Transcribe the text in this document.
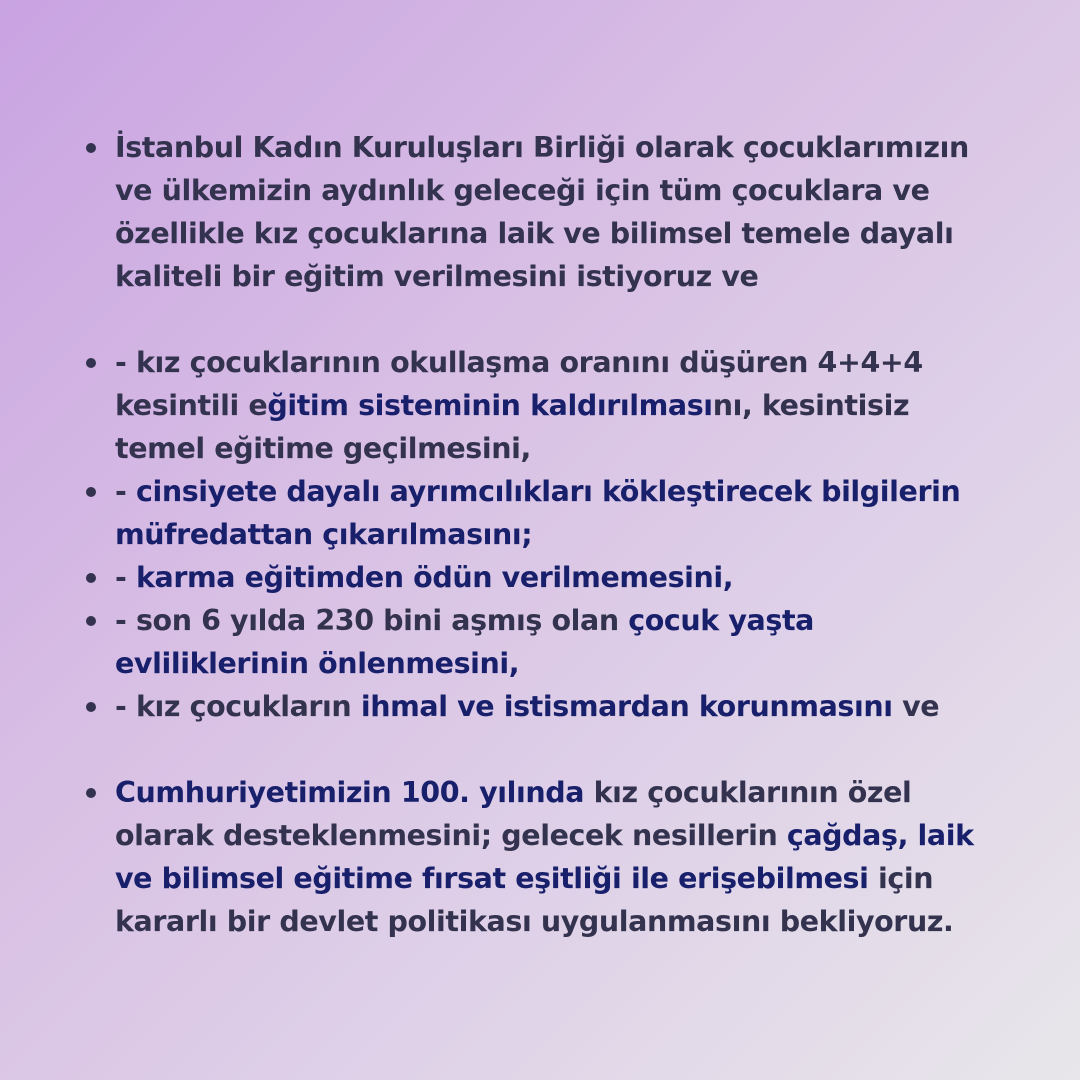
İstanbul Kadın Kuruluşları Birliği olarak çocuklarımızın
ve ülkemizin aydınlık geleceği için tüm çocuklara ve
özellikle kız çocuklarına laik ve bilimsel temele dayalı
kaliteli bir eğitim verilmesini istiyoruz ve
- kız çocuklarının okullaşma oranını düşüren 4+4+4
kesintili eğitim sisteminin kaldırılmasını, kesintisiz
temel eğitime geçilmesini,
- cinsiyete dayalı ayrımcılıkları kökleştirecek bilgilerin
müfredattan çıkarılmasını;
- karma eğitimden ödün verilmemesini,
- son 6 yılda 230 bini aşmış olan çocuk yaşta
evliliklerinin önlenmesini,
- kız çocukların ihmal ve istismardan korunmasını ve
Cumhuriyetimizin 100. yılında kız çocuklarının özel
olarak desteklenmesini; gelecek nesillerin çağdaş, laik
ve bilimsel eğitime fırsat eşitliği ile erişebilmesi için
kararlı bir devlet politikası uygulanmasını bekliyoruz.
